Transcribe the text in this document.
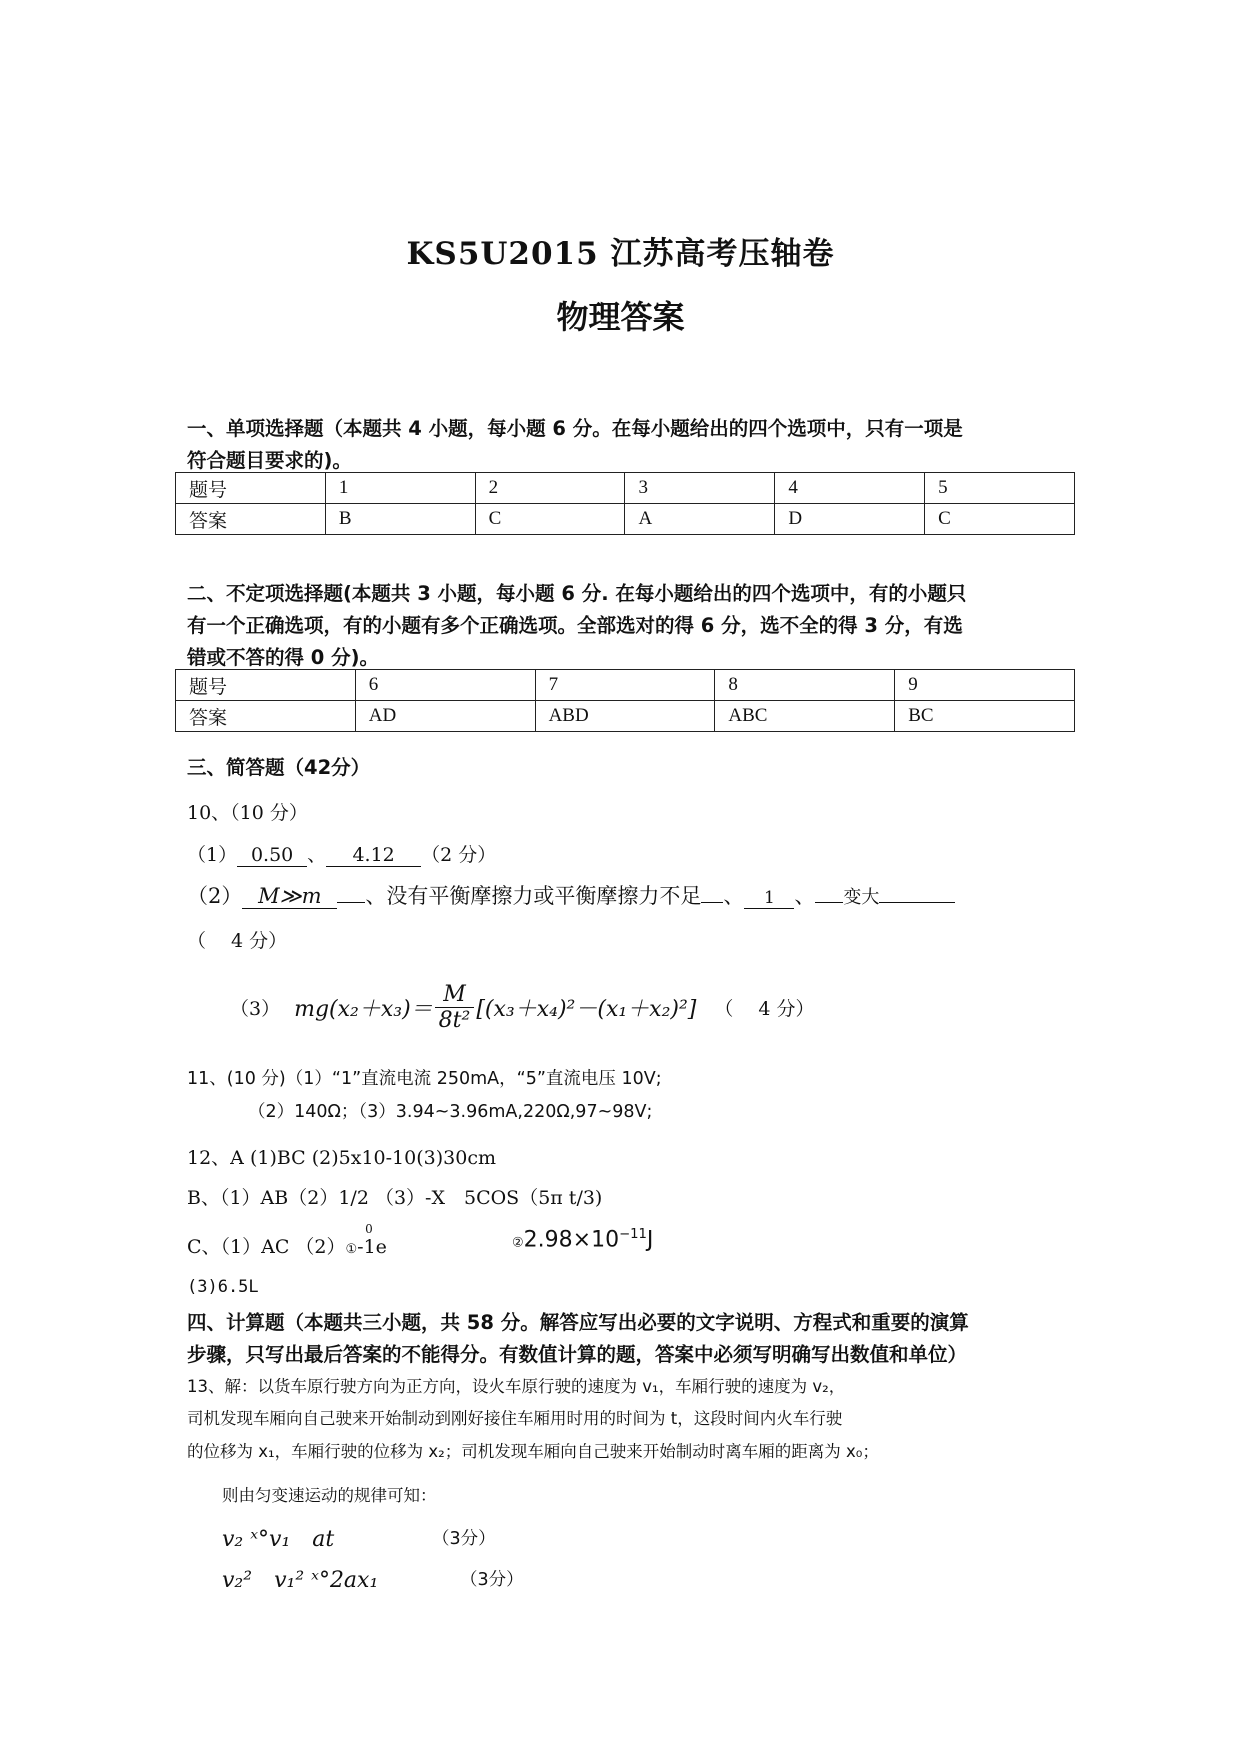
KS5U2015 江苏高考压轴卷
物理答案
一、单项选择题（本题共 4 小题，每小题 6 分。在每小题给出的四个选项中，只有一项是
符合题目要求的)。
题号	1	2	3	4	5
答案	B	C	A	D	C
二、不定项选择题(本题共 3 小题，每小题 6 分. 在每小题给出的四个选项中，有的小题只
有一个正确选项，有的小题有多个正确选项。全部选对的得 6 分，选不全的得 3 分，有选
错或不答的得 0 分)。
题号	6	7	8	9
答案	AD	ABD	ABC	BC
三、简答题（42分）
10、（10 分）
（1） 0.50 、 4.12 （2 分）
（2） M≫m 、没有平衡摩擦力或平衡摩擦力不足 、 1 、 变大
（　 4 分）
（3） $mg(x_2+x_3)= \frac{M}{\text{8t²}} [(x_3+x_4)^2-(x_1+x_2)^2]$ （　 4 分）
11、(10 分)（1）“1”直流电流 250mA，“5”直流电压 10V;
（2）140Ω；（3）3.94~3.96mA,220Ω,97~98V;
12、A (1)BC (2)5x10-10(3)30cm
B、（1）AB（2）1/2 （3）-X　5COS（5π t/3)
C、（1）AC （2）①
0
-1e	$②2.98\times 10^{-11}J$
(3)6.5L
四、计算题（本题共三小题，共 58 分。解答应写出必要的文字说明、方程式和重要的演算
步骤，只写出最后答案的不能得分。有数值计算的题，答案中必须写明确写出数值和单位）
13、解：以货车原行驶方向为正方向，设火车原行驶的速度为 v₁，车厢行驶的速度为 v₂，
司机发现车厢向自己驶来开始制动到刚好接住车厢用时用的时间为 t，这段时间内火车行驶
的位移为 x₁，车厢行驶的位移为 x₂；司机发现车厢向自己驶来开始制动时离车厢的距离为 x₀；
则由匀变速运动的规律可知：
v₂ ˣ°v₁　at	（3分）
v₂²　v₁² ˣ°2ax₁	（3分）
